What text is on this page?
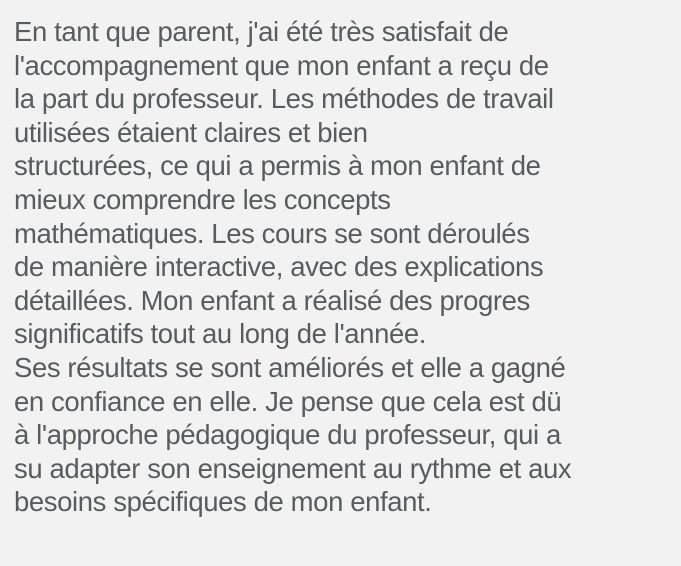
En tant que parent, j'ai été très satisfait de
l'accompagnement que mon enfant a reçu de
la part du professeur. Les méthodes de travail
utilisées étaient claires et bien
structurées, ce qui a permis à mon enfant de
mieux comprendre les concepts
mathématiques. Les cours se sont déroulés
de manière interactive, avec des explications
détaillées. Mon enfant a réalisé des progres
significatifs tout au long de l'année.
Ses résultats se sont améliorés et elle a gagné
en confiance en elle. Je pense que cela est dü
à l'approche pédagogique du professeur, qui a
su adapter son enseignement au rythme et aux
besoins spécifiques de mon enfant.
